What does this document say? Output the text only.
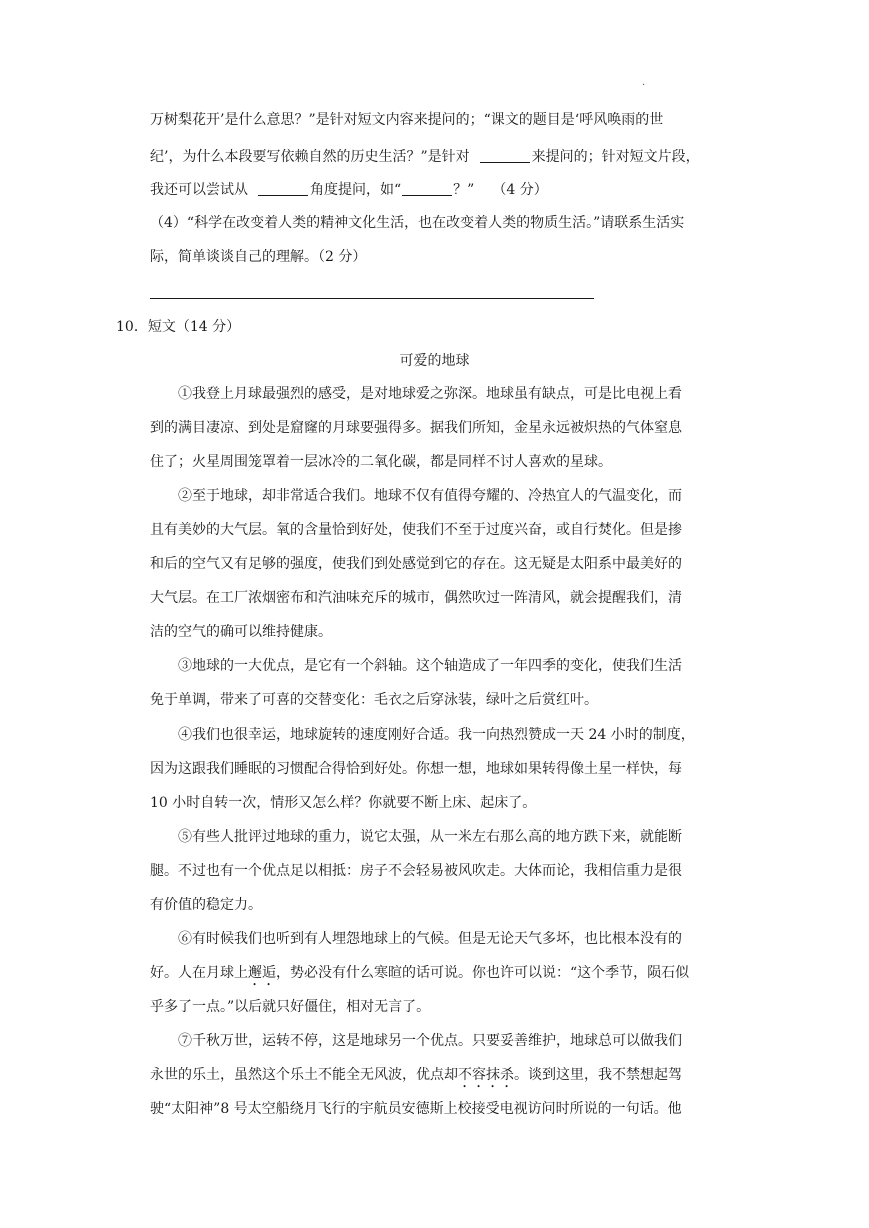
·
万树梨花开’是什么意思？”是针对短文内容来提问的；“课文的题目是‘呼风唤雨的世
纪’，为什么本段要写依赖自然的历史生活？”是针对	来提问的；针对短文片段，
我还可以尝试从	角度提问，如“	？” （4 分）
（4）“科学在改变着人类的精神文化生活，也在改变着人类的物质生活。”请联系生活实
际，简单谈谈自己的理解。（2 分）
10．短文（14 分）
可爱的地球
①我登上月球最强烈的感受，是对地球爱之弥深。地球虽有缺点，可是比电视上看
到的满目凄凉、到处是窟窿的月球要强得多。据我们所知，金星永远被炽热的气体窒息
住了；火星周围笼罩着一层冰冷的二氧化碳，都是同样不讨人喜欢的星球。
②至于地球，却非常适合我们。地球不仅有值得夸耀的、冷热宜人的气温变化，而
且有美妙的大气层。氧的含量恰到好处，使我们不至于过度兴奋，或自行焚化。但是掺
和后的空气又有足够的强度，使我们到处感觉到它的存在。这无疑是太阳系中最美好的
大气层。在工厂浓烟密布和汽油味充斥的城市，偶然吹过一阵清风，就会提醒我们，清
洁的空气的确可以维持健康。
③地球的一大优点，是它有一个斜轴。这个轴造成了一年四季的变化，使我们生活
免于单调，带来了可喜的交替变化：毛衣之后穿泳装，绿叶之后赏红叶。
④我们也很幸运，地球旋转的速度刚好合适。我一向热烈赞成一天 24 小时的制度，
因为这跟我们睡眠的习惯配合得恰到好处。你想一想，地球如果转得像土星一样快，每
10 小时自转一次，情形又怎么样？你就要不断上床、起床了。
⑤有些人批评过地球的重力，说它太强，从一米左右那么高的地方跌下来，就能断
腿。不过也有一个优点足以相抵：房子不会轻易被风吹走。大体而论，我相信重力是很
有价值的稳定力。
⑥有时候我们也听到有人埋怨地球上的气候。但是无论天气多坏，也比根本没有的
好。人在月球上邂逅，势必没有什么寒暄的话可说。你也许可以说：“这个季节，陨石似
乎多了一点。”以后就只好僵住，相对无言了。
⑦千秋万世，运转不停，这是地球另一个优点。只要妥善维护，地球总可以做我们
永世的乐土，虽然这个乐土不能全无风波，优点却不容抹杀。谈到这里，我不禁想起驾
驶“太阳神”8 号太空船绕月飞行的宇航员安德斯上校接受电视访问时所说的一句话。他
